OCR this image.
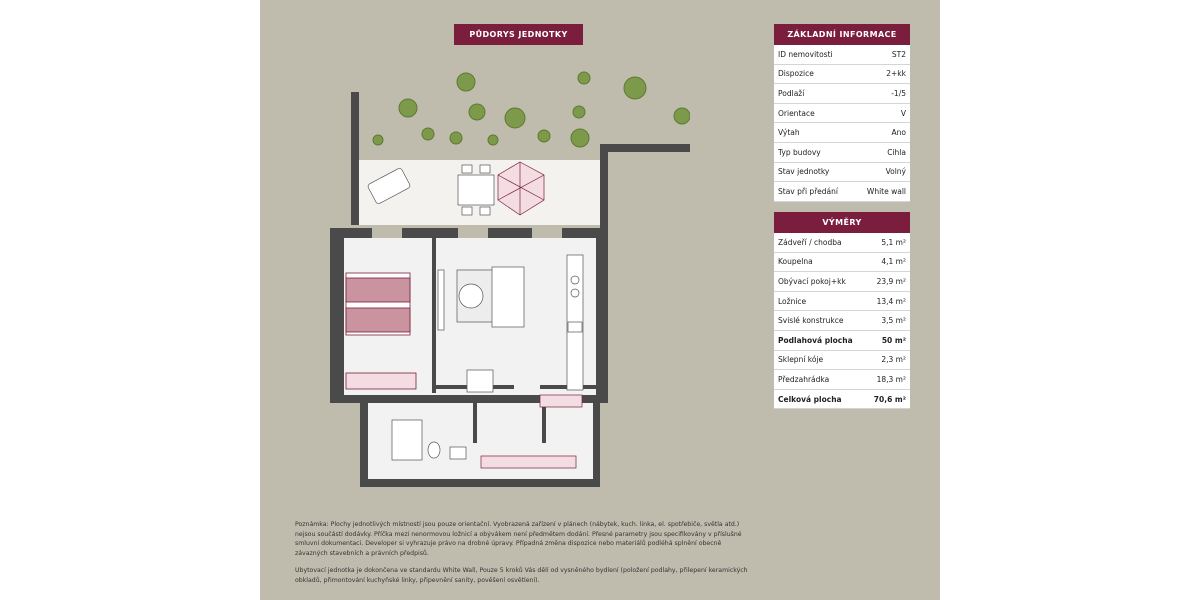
PŮDORYS JEDNOTKY	ZÁKLADNÍ INFORMACE
ID nemovitosti	ST2
Dispozice	2+kk
Podlaží	-1/5
Orientace	V
Výtah	Ano
Typ budovy	Cihla
Stav jednotky	Volný
Stav při předání	White wall
VÝMĚRY
Zádveří / chodba	5,1 m²
Koupelna	4,1 m²
Obývací pokoj+kk	23,9 m²
Ložnice	13,4 m²
Svislé konstrukce	3,5 m²
Podlahová plocha	50 m²
Sklepní kóje	2,3 m²
Předzahrádka	18,3 m²
Celková plocha	70,6 m²

Poznámka: Plochy jednotlivých místností jsou pouze orientační. Vyobrazená zařízení v plánech (nábytek, kuch. linka, el. spotřebiče, světla atd.) nejsou součástí dodávky. Příčka mezi nenormovou ložnicí a obývákem není předmětem dodání. Přesné parametry jsou specifikovány v příslušné smluvní dokumentaci. Developer si vyhrazuje právo na drobné úpravy. Případná změna dispozice nebo materiálů podléhá splnění obecně závazných stavebních a právních předpisů.

Ubytovací jednotka je dokončena ve standardu White Wall, Pouze 5 kroků Vás dělí od vysněného bydlení (položení podlahy, přilepení keramických obkladů, přimontování kuchyňské linky, připevnění sanity, pověšení osvětlení).
